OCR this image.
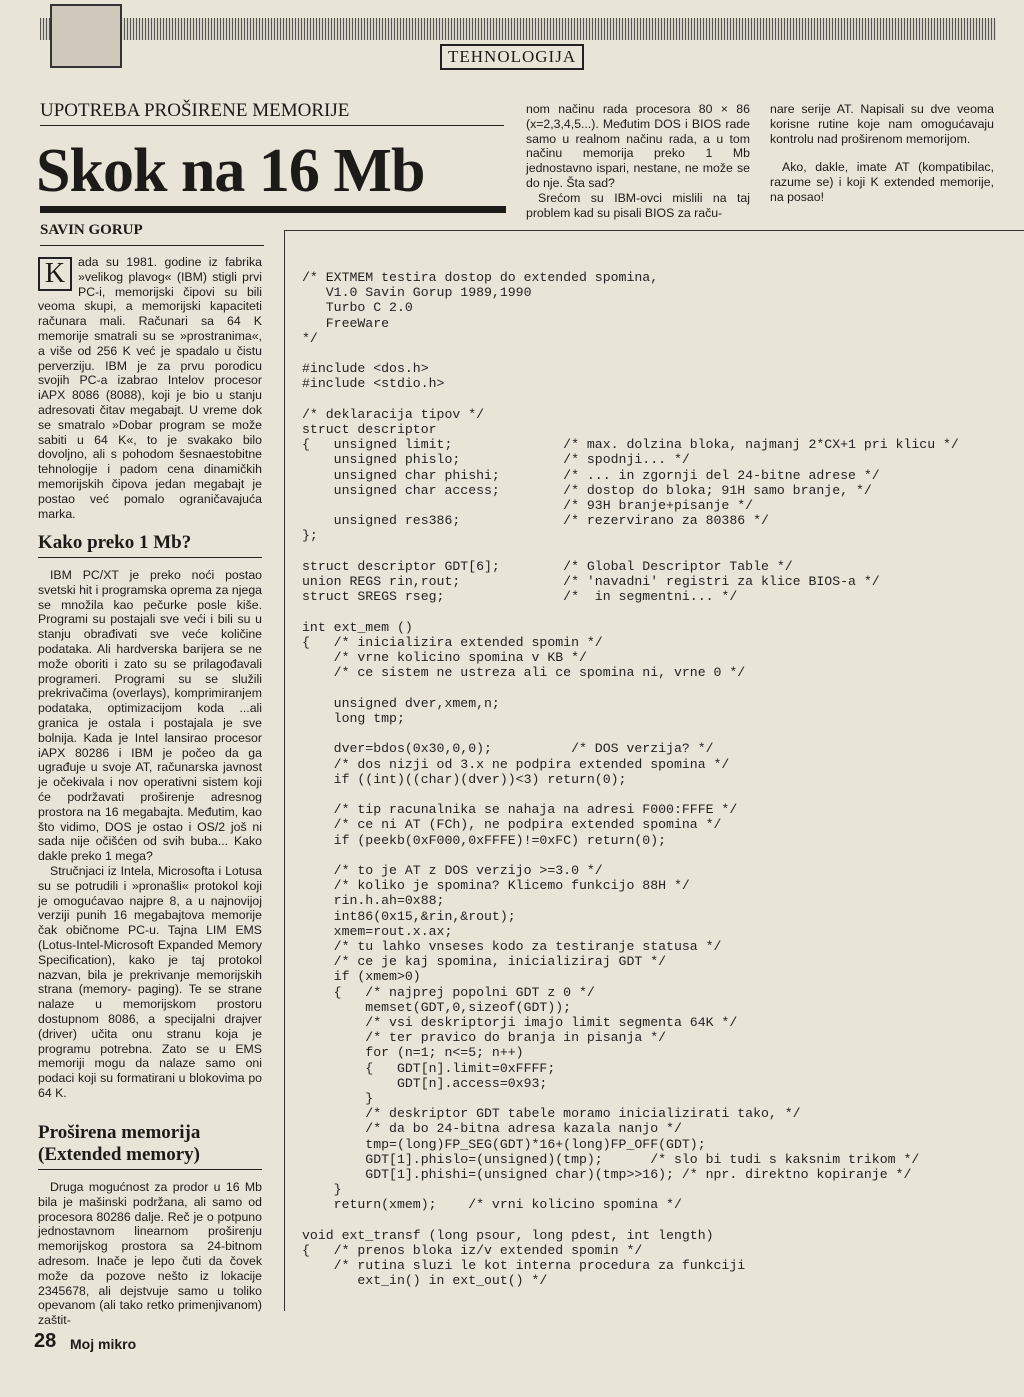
TEHNOLOGIJA
UPOTREBA PROŠIRENE MEMORIJE
Skok na 16 Mb
SAVIN GORUP

nom načinu rada procesora 80 × 86 (x=2,3,4,5...). Međutim DOS i BIOS rade samo u realnom načinu rada, a u tom načinu memorija preko 1 Mb jednostavno ispari, nestane, ne može se do nje. Šta sad?

Srećom su IBM-ovci mislili na taj problem kad su pisali BIOS za raču-

nare serije AT. Napisali su dve veoma korisne rutine koje nam omogućavaju kontrolu nad proširenom memorijom.

Ako, dakle, imate AT (kompatibilac, razume se) i koji K extended memorije, na posao!

K	ada su 1981. godine iz fabrika »velikog plavog« (IBM) stigli prvi PC-i, memorijski čipovi su bili veoma skupi, a memorijski kapaciteti računara mali. Računari sa 64 K memorije smatrali su se »prostranima«, a više od 256 K već je spadalo u čistu perverziju. IBM je za prvu porodicu svojih PC-a izabrao Intelov procesor iAPX 8086 (8088), koji je bio u stanju adresovati čitav megabajt. U vreme dok se smatralo »Dobar program se može sabiti u 64 K«, to je svakako bilo dovoljno, ali s pohodom šesnaestobitne tehnologije i padom cena dinamičkih memorijskih čipova jedan megabajt je postao već pomalo ograničavajuća marka.

Kako preko 1 Mb?

IBM PC/XT je preko noći postao svetski hit i programska oprema za njega se množila kao pečurke posle kiše. Programi su postajali sve veći i bili su u stanju obrađivati sve veće količine podataka. Ali hardverska barijera se ne može oboriti i zato su se prilagođavali programeri. Programi su se služili prekrivačima (overlays), komprimiranjem podataka, optimizacijom koda ...ali granica je ostala i postajala je sve bolnija. Kada je Intel lansirao procesor iAPX 80286 i IBM je počeo da ga ugrađuje u svoje AT, računarska javnost je očekivala i nov operativni sistem koji će podržavati proširenje adresnog prostora na 16 megabajta. Međutim, kao što vidimo, DOS je ostao i OS/2 još ni sada nije očišćen od svih buba... Kako dakle preko 1 mega?

Stručnjaci iz Intela, Microsofta i Lotusa su se potrudili i »pronašli« protokol koji je omogućavao najpre 8, a u najnovijoj verziji punih 16 megabajtova memorije čak običnome PC-u. Tajna LIM EMS (Lotus-Intel-Microsoft Expanded Memory Specification), kako je taj protokol nazvan, bila je prekrivanje memorijskih strana (memory- paging). Te se strane nalaze u memorijskom prostoru dostupnom 8086, a specijalni drajver (driver) učita onu stranu koja je programu potrebna. Zato se u EMS memoriji mogu da nalaze samo oni podaci koji su formatirani u blokovima po 64 K.

Proširena memorija (Extended memory)

Druga mogućnost za prodor u 16 Mb bila je mašinski podržana, ali samo od procesora 80286 dalje. Reč je o potpuno jednostavnom linearnom proširenju memorijskog prostora sa 24-bitnom adresom. Inače je lepo čuti da čovek može da pozove nešto iz lokacije 2345678, ali dejstvuje samo u toliko opevanom (ali tako retko primenjivanom) zaštit-

/* EXTMEM testira dostop do extended spomina,
V1.0 Savin Gorup 1989,1990
Turbo C 2.0
FreeWare
*/

#include <dos.h>
#include <stdio.h>

/* deklaracija tipov */
struct descriptor
{   unsigned limit;              /* max. dolzina bloka, najmanj 2*CX+1 pri klicu */
unsigned phislo;             /* spodnji... */
unsigned char phishi;        /* ... in zgornji del 24-bitne adrese */
unsigned char access;        /* dostop do bloka; 91H samo branje, */
/* 93H branje+pisanje */
unsigned res386;             /* rezervirano za 80386 */
};

struct descriptor GDT[6];        /* Global Descriptor Table */
union REGS rin,rout;             /* 'navadni' registri za klice BIOS-a */
struct SREGS rseg;               /*  in segmentni... */

int ext_mem ()
{   /* inicializira extended spomin */
/* vrne kolicino spomina v KB */
/* ce sistem ne ustreza ali ce spomina ni, vrne 0 */

unsigned dver,xmem,n;
long tmp;

dver=bdos(0x30,0,0);          /* DOS verzija? */
/* dos nizji od 3.x ne podpira extended spomina */
if ((int)((char)(dver))<3) return(0);

/* tip racunalnika se nahaja na adresi F000:FFFE */
/* ce ni AT (FCh), ne podpira extended spomina */
if (peekb(0xF000,0xFFFE)!=0xFC) return(0);

/* to je AT z DOS verzijo >=3.0 */
/* koliko je spomina? Klicemo funkcijo 88H */
rin.h.ah=0x88;
int86(0x15,&rin,&rout);
xmem=rout.x.ax;
/* tu lahko vnseses kodo za testiranje statusa */
/* ce je kaj spomina, inicializiraj GDT */
if (xmem>0)
{   /* najprej popolni GDT z 0 */
memset(GDT,0,sizeof(GDT));
/* vsi deskriptorji imajo limit segmenta 64K */
/* ter pravico do branja in pisanja */
for (n=1; n<=5; n++)
{   GDT[n].limit=0xFFFF;
GDT[n].access=0x93;
}
/* deskriptor GDT tabele moramo inicializirati tako, */
/* da bo 24-bitna adresa kazala nanjo */
tmp=(long)FP_SEG(GDT)*16+(long)FP_OFF(GDT);
GDT[1].phislo=(unsigned)(tmp);      /* slo bi tudi s kaksnim trikom */
GDT[1].phishi=(unsigned char)(tmp>>16); /* npr. direktno kopiranje */
}
return(xmem);    /* vrni kolicino spomina */

void ext_transf (long psour, long pdest, int length)
{   /* prenos bloka iz/v extended spomin */
/* rutina sluzi le kot interna procedura za funkciji
ext_in() in ext_out() */
28 Moj mikro
